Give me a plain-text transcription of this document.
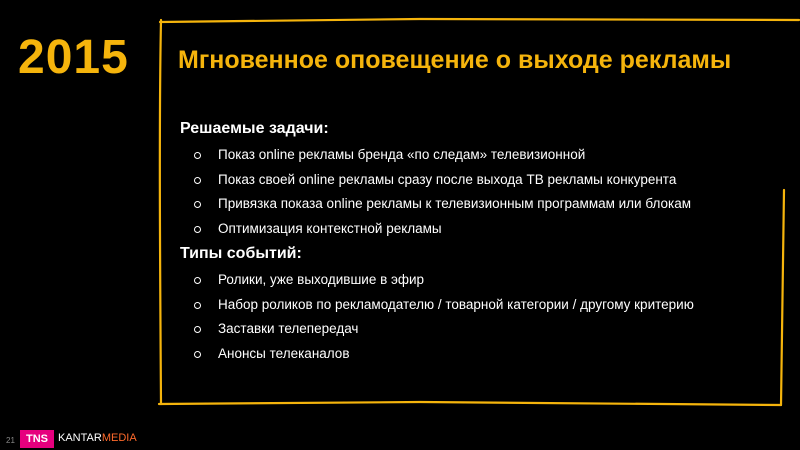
2015 Мгновенное оповещение о выходе рекламы
Решаемые задачи:
Показ online рекламы бренда «по следам» телевизионной
Показ своей online рекламы сразу после выхода ТВ рекламы конкурента
Привязка показа online рекламы к телевизионным программам или блокам
Оптимизация контекстной рекламы
Типы событий:
Ролики, уже выходившие в эфир
Набор роликов по рекламодателю / товарной категории / другому критерию
Заставки телепередач
Анонсы телеканалов
21	TNS KANTARMEDIA
